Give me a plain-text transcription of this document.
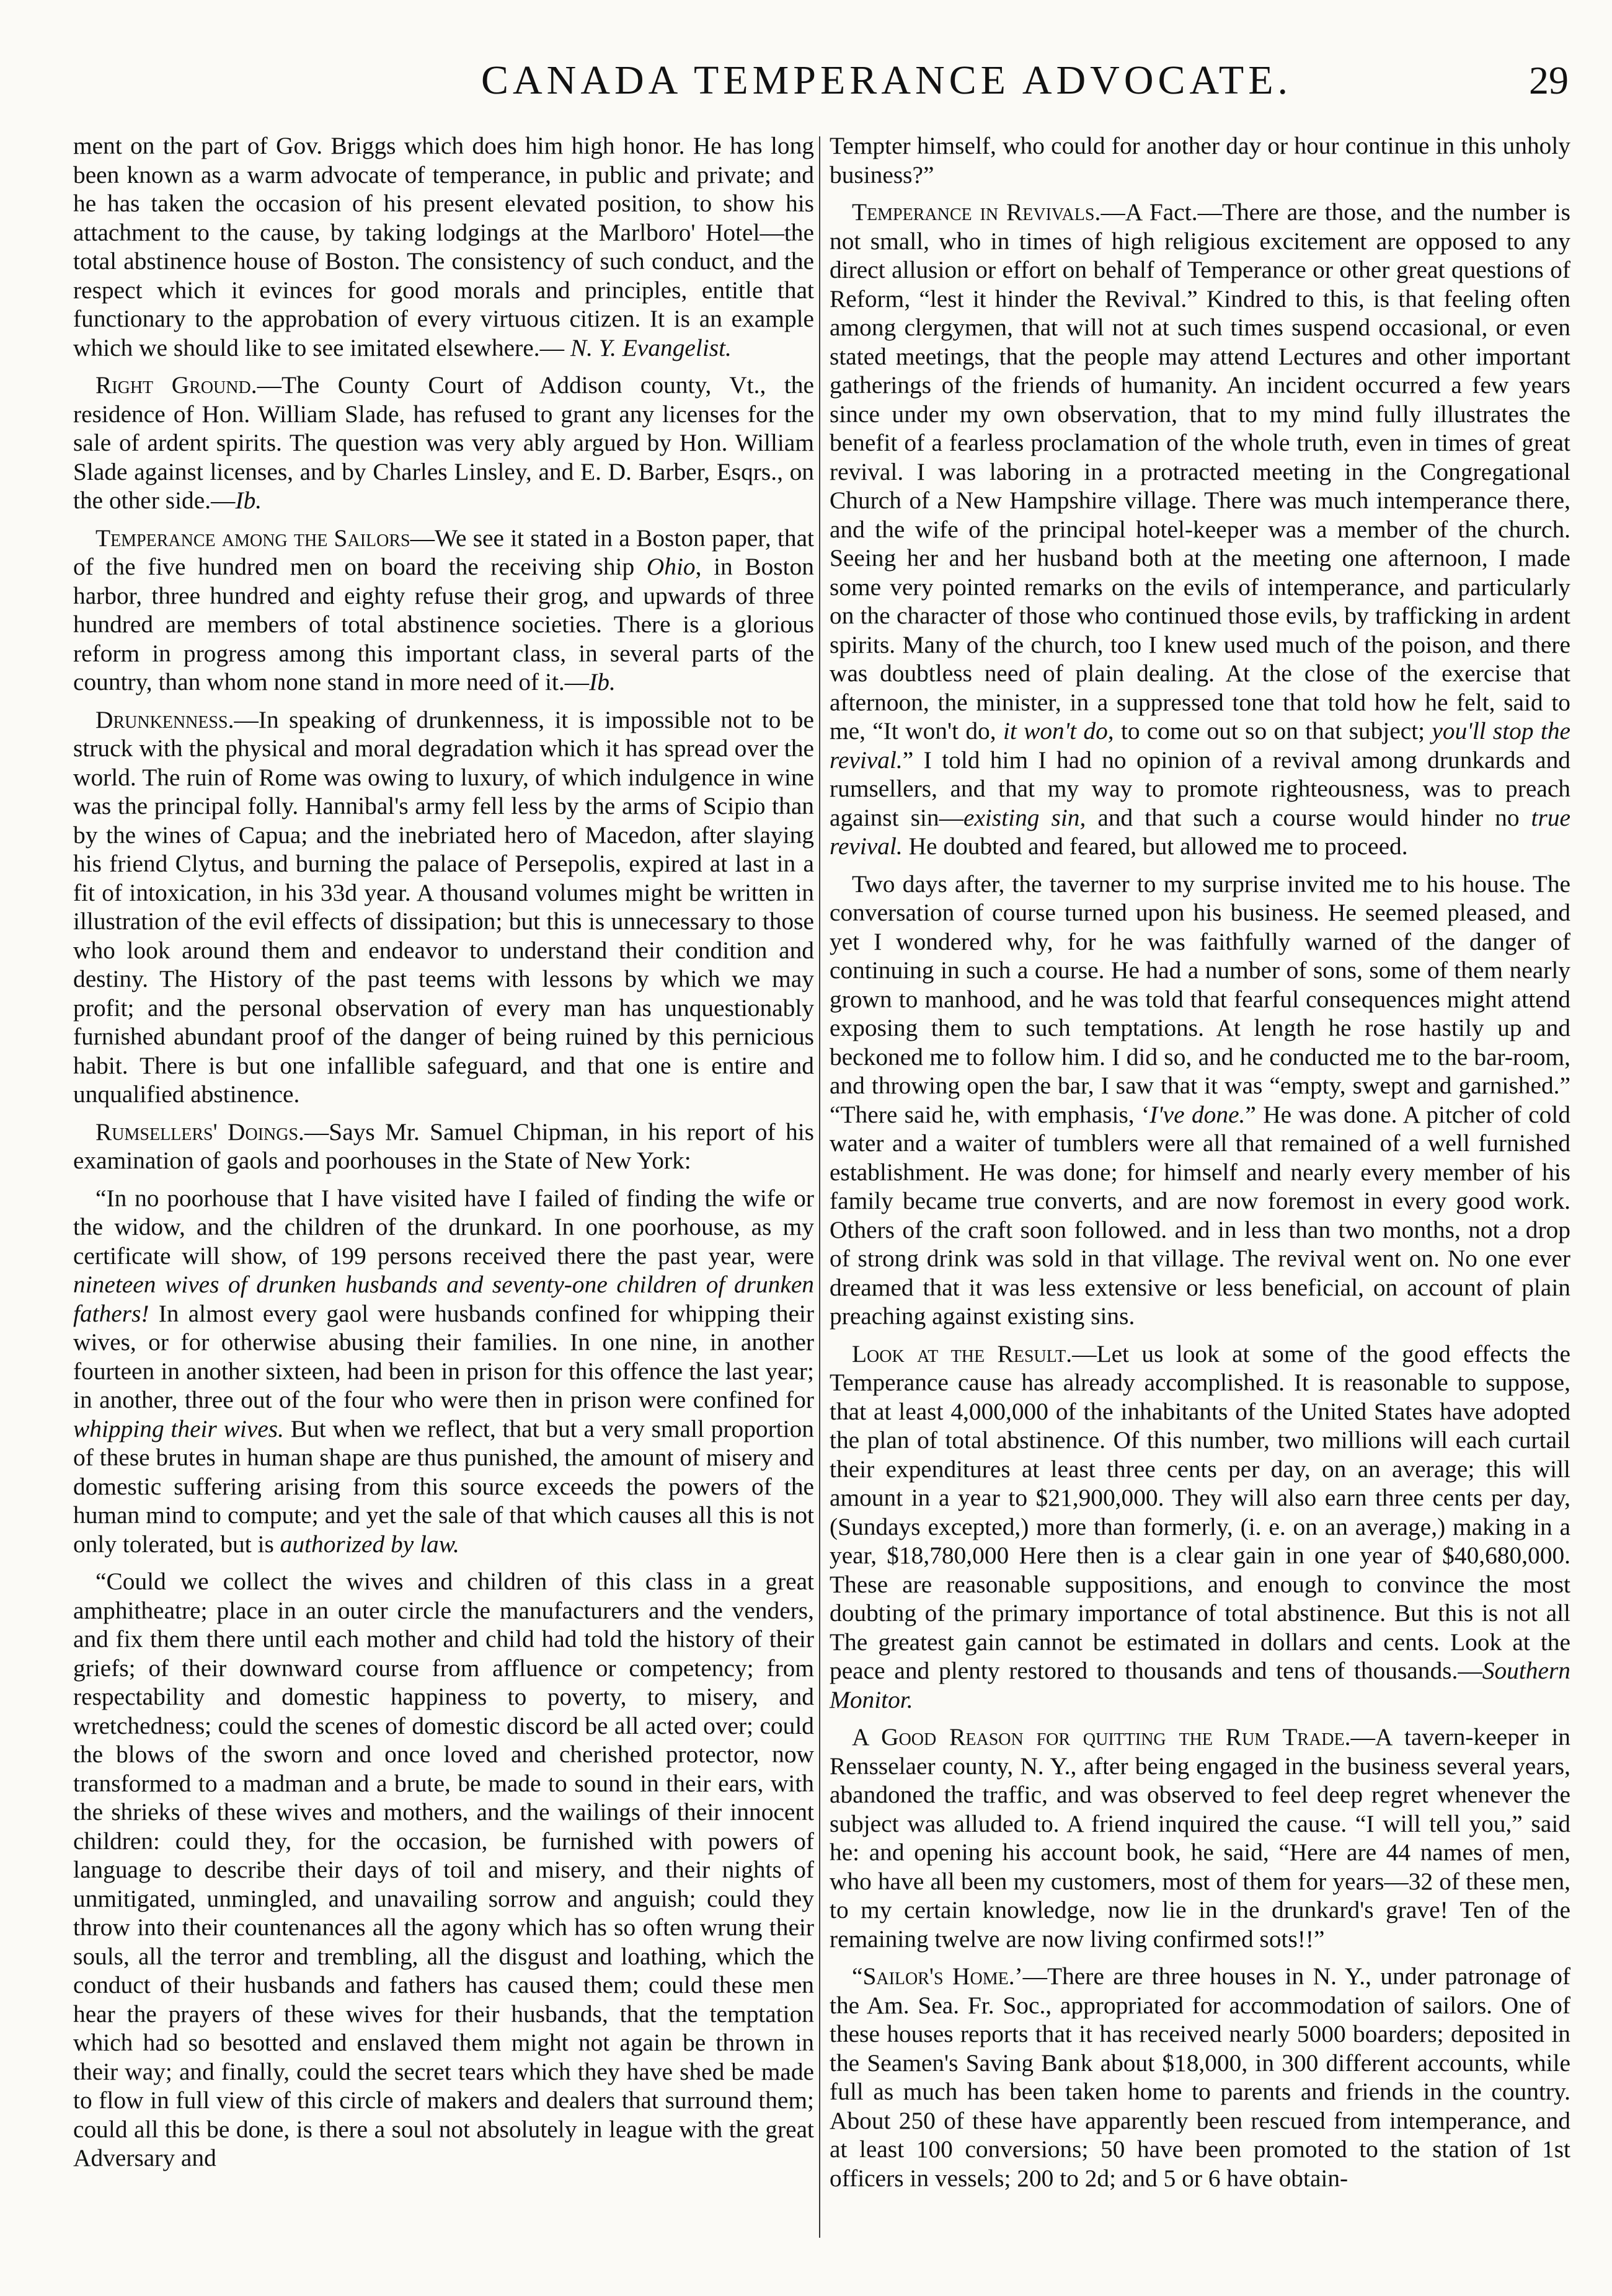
CANADA TEMPERANCE ADVOCATE.	29

ment on the part of Gov. Briggs which does him high honor. He has long been known as a warm advocate of temperance, in public and private; and he has taken the occasion of his present elevated position, to show his attachment to the cause, by taking lodgings at the Marlboro' Hotel—the total abstinence house of Boston. The consistency of such conduct, and the respect which it evinces for good morals and principles, entitle that functionary to the approbation of every virtuous citizen. It is an example which we should like to see imitated elsewhere.— N. Y. Evangelist.

Right Ground.—The County Court of Addison county, Vt., the residence of Hon. William Slade, has refused to grant any licenses for the sale of ardent spirits. The question was very ably argued by Hon. William Slade against licenses, and by Charles Linsley, and E. D. Barber, Esqrs., on the other side.—Ib.

Temperance among the Sailors—We see it stated in a Boston paper, that of the five hundred men on board the receiving ship Ohio, in Boston harbor, three hundred and eighty refuse their grog, and upwards of three hundred are members of total abstinence societies. There is a glorious reform in progress among this important class, in several parts of the country, than whom none stand in more need of it.—Ib.

Drunkenness.—In speaking of drunkenness, it is impossible not to be struck with the physical and moral degradation which it has spread over the world. The ruin of Rome was owing to luxury, of which indulgence in wine was the principal folly. Hannibal's army fell less by the arms of Scipio than by the wines of Capua; and the inebriated hero of Macedon, after slaying his friend Clytus, and burning the palace of Persepolis, expired at last in a fit of intoxication, in his 33d year. A thousand volumes might be written in illustration of the evil effects of dissipation; but this is unnecessary to those who look around them and endeavor to understand their condition and destiny. The History of the past teems with lessons by which we may profit; and the personal observation of every man has unquestionably furnished abundant proof of the danger of being ruined by this pernicious habit. There is but one infallible safeguard, and that one is entire and unqualified abstinence.

Rumsellers' Doings.—Says Mr. Samuel Chipman, in his report of his examination of gaols and poorhouses in the State of New York:

“In no poorhouse that I have visited have I failed of finding the wife or the widow, and the children of the drunkard. In one poorhouse, as my certificate will show, of 199 persons received there the past year, were nineteen wives of drunken husbands and seventy-one children of drunken fathers! In almost every gaol were husbands confined for whipping their wives, or for otherwise abusing their families. In one nine, in another fourteen in another sixteen, had been in prison for this offence the last year; in another, three out of the four who were then in prison were confined for whipping their wives. But when we reflect, that but a very small proportion of these brutes in human shape are thus punished, the amount of misery and domestic suffering arising from this source exceeds the powers of the human mind to compute; and yet the sale of that which causes all this is not only tolerated, but is authorized by law.

“Could we collect the wives and children of this class in a great amphitheatre; place in an outer circle the manufacturers and the venders, and fix them there until each mother and child had told the history of their griefs; of their downward course from affluence or competency; from respectability and domestic happiness to poverty, to misery, and wretchedness; could the scenes of domestic discord be all acted over; could the blows of the sworn and once loved and cherished protector, now transformed to a madman and a brute, be made to sound in their ears, with the shrieks of these wives and mothers, and the wailings of their innocent children: could they, for the occasion, be furnished with powers of language to describe their days of toil and misery, and their nights of unmitigated, unmingled, and unavailing sorrow and anguish; could they throw into their countenances all the agony which has so often wrung their souls, all the terror and trembling, all the disgust and loathing, which the conduct of their husbands and fathers has caused them; could these men hear the prayers of these wives for their husbands, that the temptation which had so besotted and enslaved them might not again be thrown in their way; and finally, could the secret tears which they have shed be made to flow in full view of this circle of makers and dealers that surround them; could all this be done, is there a soul not absolutely in league with the great Adversary and

Tempter himself, who could for another day or hour continue in this unholy business?”

Temperance in Revivals.—A Fact.—There are those, and the number is not small, who in times of high religious excitement are opposed to any direct allusion or effort on behalf of Temperance or other great questions of Reform, “lest it hinder the Revival.” Kindred to this, is that feeling often among clergymen, that will not at such times suspend occasional, or even stated meetings, that the people may attend Lectures and other important gatherings of the friends of humanity. An incident occurred a few years since under my own observation, that to my mind fully illustrates the benefit of a fearless proclamation of the whole truth, even in times of great revival. I was laboring in a protracted meeting in the Congregational Church of a New Hampshire village. There was much intemperance there, and the wife of the principal hotel-keeper was a member of the church. Seeing her and her husband both at the meeting one afternoon, I made some very pointed remarks on the evils of intemperance, and particularly on the character of those who continued those evils, by trafficking in ardent spirits. Many of the church, too I knew used much of the poison, and there was doubtless need of plain dealing. At the close of the exercise that afternoon, the minister, in a suppressed tone that told how he felt, said to me, “It won't do, it won't do, to come out so on that subject; you'll stop the revival.” I told him I had no opinion of a revival among drunkards and rumsellers, and that my way to promote righteousness, was to preach against sin—existing sin, and that such a course would hinder no true revival. He doubted and feared, but allowed me to proceed.

Two days after, the taverner to my surprise invited me to his house. The conversation of course turned upon his business. He seemed pleased, and yet I wondered why, for he was faithfully warned of the danger of continuing in such a course. He had a number of sons, some of them nearly grown to manhood, and he was told that fearful consequences might attend exposing them to such temptations. At length he rose hastily up and beckoned me to follow him. I did so, and he conducted me to the bar-room, and throwing open the bar, I saw that it was “empty, swept and garnished.” “There said he, with emphasis, ‘I've done.” He was done. A pitcher of cold water and a waiter of tumblers were all that remained of a well furnished establishment. He was done; for himself and nearly every member of his family became true converts, and are now foremost in every good work. Others of the craft soon followed. and in less than two months, not a drop of strong drink was sold in that village. The revival went on. No one ever dreamed that it was less extensive or less beneficial, on account of plain preaching against existing sins.

Look at the Result.—Let us look at some of the good effects the Temperance cause has already accomplished. It is reasonable to suppose, that at least 4,000,000 of the inhabitants of the United States have adopted the plan of total abstinence. Of this number, two millions will each curtail their expenditures at least three cents per day, on an average; this will amount in a year to $21,900,000. They will also earn three cents per day, (Sundays excepted,) more than formerly, (i. e. on an average,) making in a year, $18,780,000 Here then is a clear gain in one year of $40,680,000. These are reasonable suppositions, and enough to convince the most doubting of the primary importance of total abstinence. But this is not all The greatest gain cannot be estimated in dollars and cents. Look at the peace and plenty restored to thousands and tens of thousands.—Southern Monitor.

A Good Reason for quitting the Rum Trade.—A tavern-keeper in Rensselaer county, N. Y., after being engaged in the business several years, abandoned the traffic, and was observed to feel deep regret whenever the subject was alluded to. A friend inquired the cause. “I will tell you,” said he: and opening his account book, he said, “Here are 44 names of men, who have all been my customers, most of them for years—32 of these men, to my certain knowledge, now lie in the drunkard's grave! Ten of the remaining twelve are now living confirmed sots!!”

“Sailor's Home.’—There are three houses in N. Y., under patronage of the Am. Sea. Fr. Soc., appropriated for accommodation of sailors. One of these houses reports that it has received nearly 5000 boarders; deposited in the Seamen's Saving Bank about $18,000, in 300 different accounts, while full as much has been taken home to parents and friends in the country. About 250 of these have apparently been rescued from intemperance, and at least 100 conversions; 50 have been promoted to the station of 1st officers in vessels; 200 to 2d; and 5 or 6 have obtain-
